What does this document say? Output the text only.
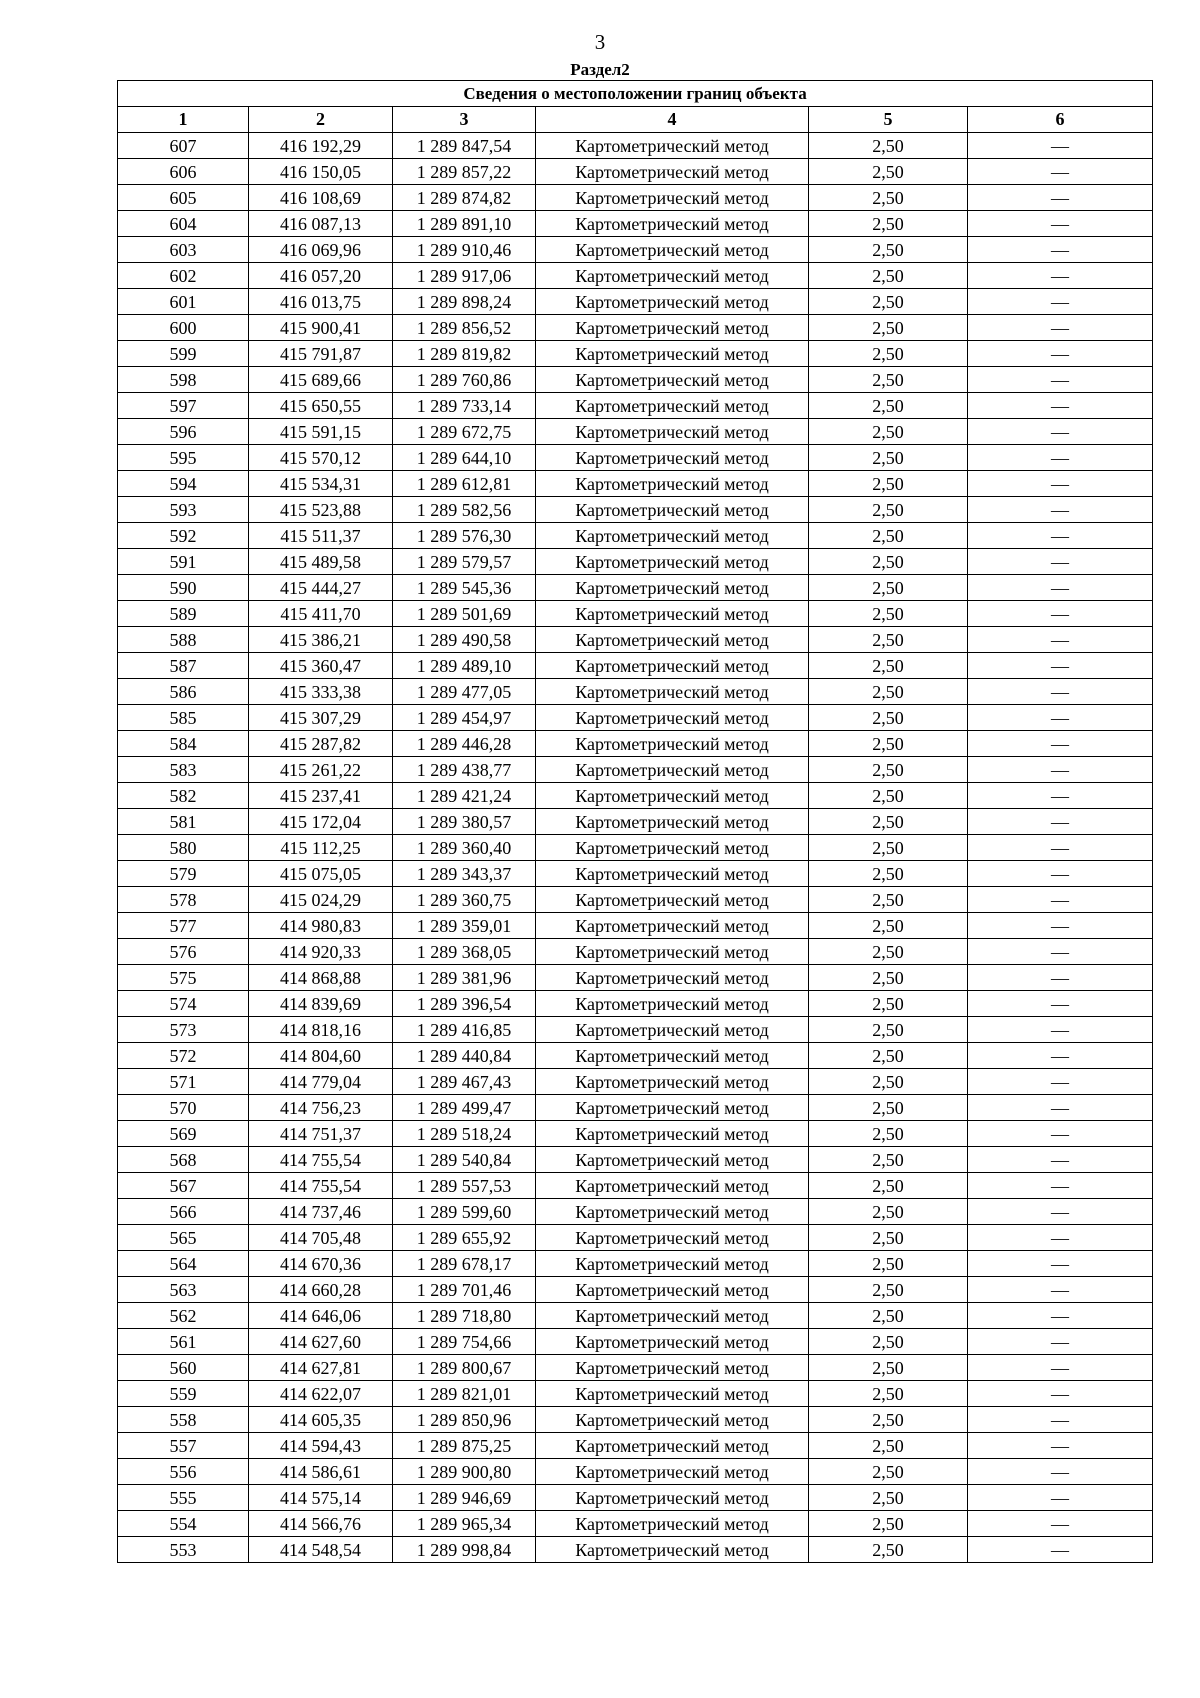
3
Раздел2
Сведения о местоположении границ объекта					
1	2	3	4	5	6
607	416 192,29	1 289 847,54	Картометрический метод	2,50	—
606	416 150,05	1 289 857,22	Картометрический метод	2,50	—
605	416 108,69	1 289 874,82	Картометрический метод	2,50	—
604	416 087,13	1 289 891,10	Картометрический метод	2,50	—
603	416 069,96	1 289 910,46	Картометрический метод	2,50	—
602	416 057,20	1 289 917,06	Картометрический метод	2,50	—
601	416 013,75	1 289 898,24	Картометрический метод	2,50	—
600	415 900,41	1 289 856,52	Картометрический метод	2,50	—
599	415 791,87	1 289 819,82	Картометрический метод	2,50	—
598	415 689,66	1 289 760,86	Картометрический метод	2,50	—
597	415 650,55	1 289 733,14	Картометрический метод	2,50	—
596	415 591,15	1 289 672,75	Картометрический метод	2,50	—
595	415 570,12	1 289 644,10	Картометрический метод	2,50	—
594	415 534,31	1 289 612,81	Картометрический метод	2,50	—
593	415 523,88	1 289 582,56	Картометрический метод	2,50	—
592	415 511,37	1 289 576,30	Картометрический метод	2,50	—
591	415 489,58	1 289 579,57	Картометрический метод	2,50	—
590	415 444,27	1 289 545,36	Картометрический метод	2,50	—
589	415 411,70	1 289 501,69	Картометрический метод	2,50	—
588	415 386,21	1 289 490,58	Картометрический метод	2,50	—
587	415 360,47	1 289 489,10	Картометрический метод	2,50	—
586	415 333,38	1 289 477,05	Картометрический метод	2,50	—
585	415 307,29	1 289 454,97	Картометрический метод	2,50	—
584	415 287,82	1 289 446,28	Картометрический метод	2,50	—
583	415 261,22	1 289 438,77	Картометрический метод	2,50	—
582	415 237,41	1 289 421,24	Картометрический метод	2,50	—
581	415 172,04	1 289 380,57	Картометрический метод	2,50	—
580	415 112,25	1 289 360,40	Картометрический метод	2,50	—
579	415 075,05	1 289 343,37	Картометрический метод	2,50	—
578	415 024,29	1 289 360,75	Картометрический метод	2,50	—
577	414 980,83	1 289 359,01	Картометрический метод	2,50	—
576	414 920,33	1 289 368,05	Картометрический метод	2,50	—
575	414 868,88	1 289 381,96	Картометрический метод	2,50	—
574	414 839,69	1 289 396,54	Картометрический метод	2,50	—
573	414 818,16	1 289 416,85	Картометрический метод	2,50	—
572	414 804,60	1 289 440,84	Картометрический метод	2,50	—
571	414 779,04	1 289 467,43	Картометрический метод	2,50	—
570	414 756,23	1 289 499,47	Картометрический метод	2,50	—
569	414 751,37	1 289 518,24	Картометрический метод	2,50	—
568	414 755,54	1 289 540,84	Картометрический метод	2,50	—
567	414 755,54	1 289 557,53	Картометрический метод	2,50	—
566	414 737,46	1 289 599,60	Картометрический метод	2,50	—
565	414 705,48	1 289 655,92	Картометрический метод	2,50	—
564	414 670,36	1 289 678,17	Картометрический метод	2,50	—
563	414 660,28	1 289 701,46	Картометрический метод	2,50	—
562	414 646,06	1 289 718,80	Картометрический метод	2,50	—
561	414 627,60	1 289 754,66	Картометрический метод	2,50	—
560	414 627,81	1 289 800,67	Картометрический метод	2,50	—
559	414 622,07	1 289 821,01	Картометрический метод	2,50	—
558	414 605,35	1 289 850,96	Картометрический метод	2,50	—
557	414 594,43	1 289 875,25	Картометрический метод	2,50	—
556	414 586,61	1 289 900,80	Картометрический метод	2,50	—
555	414 575,14	1 289 946,69	Картометрический метод	2,50	—
554	414 566,76	1 289 965,34	Картометрический метод	2,50	—
553	414 548,54	1 289 998,84	Картометрический метод	2,50	—
